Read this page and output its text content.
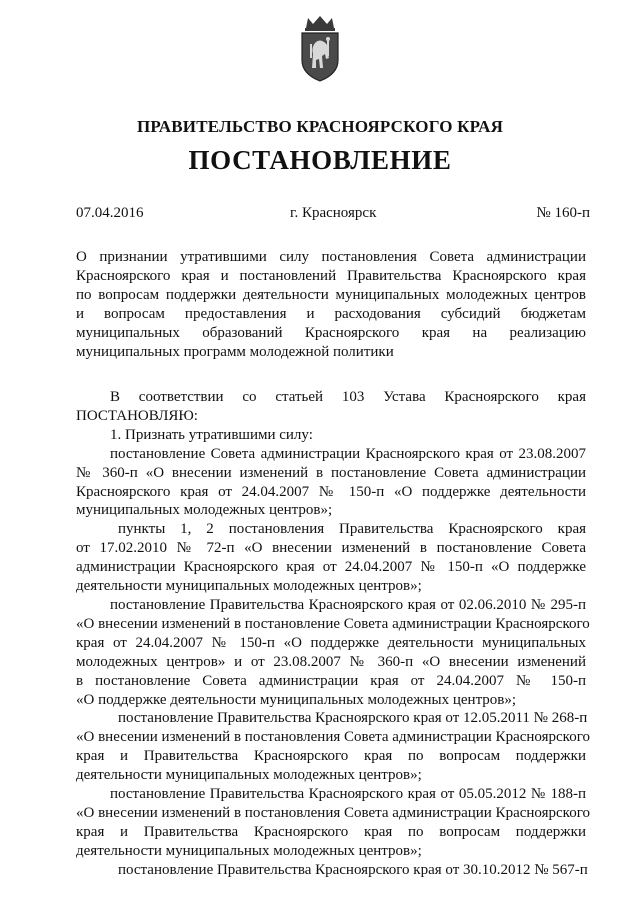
ПРАВИТЕЛЬСТВО КРАСНОЯРСКОГО КРАЯ
ПОСТАНОВЛЕНИЕ
07.04.2016	г. Красноярск	№ 160-п
О признании утратившими силу постановления Совета администрации
Красноярского края и постановлений Правительства Красноярского края
по вопросам поддержки деятельности муниципальных молодежных центров
и вопросам предоставления и расходования субсидий бюджетам
муниципальных образований Красноярского края на реализацию
муниципальных программ молодежной политики
В соответствии со статьей 103 Устава Красноярского края
ПОСТАНОВЛЯЮ:
1. Признать утратившими силу:
постановление Совета администрации Красноярского края от 23.08.2007
№ 360-п «О внесении изменений в постановление Совета администрации
Красноярского края от 24.04.2007 № 150-п «О поддержке деятельности
муниципальных молодежных центров»;
пункты 1, 2 постановления Правительства Красноярского края
от 17.02.2010 № 72-п «О внесении изменений в постановление Совета
администрации Красноярского края от 24.04.2007 № 150-п «О поддержке
деятельности муниципальных молодежных центров»;
постановление Правительства Красноярского края от 02.06.2010 № 295-п
«О внесении изменений в постановление Совета администрации Красноярского
края от 24.04.2007 № 150-п «О поддержке деятельности муниципальных
молодежных центров» и от 23.08.2007 № 360-п «О внесении изменений
в постановление Совета администрации края от 24.04.2007 № 150-п
«О поддержке деятельности муниципальных молодежных центров»;
постановление Правительства Красноярского края от 12.05.2011 № 268-п
«О внесении изменений в постановления Совета администрации Красноярского
края и Правительства Красноярского края по вопросам поддержки
деятельности муниципальных молодежных центров»;
постановление Правительства Красноярского края от 05.05.2012 № 188-п
«О внесении изменений в постановления Совета администрации Красноярского
края и Правительства Красноярского края по вопросам поддержки
деятельности муниципальных молодежных центров»;
постановление Правительства Красноярского края от 30.10.2012 № 567-п
